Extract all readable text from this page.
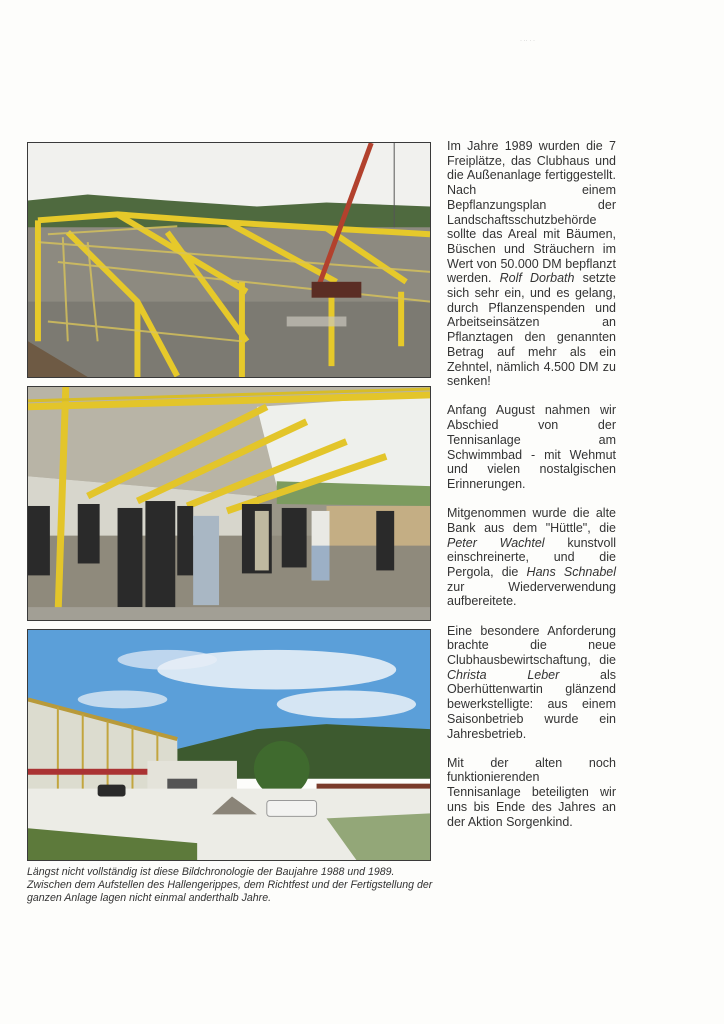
· ·· · ·

Längst nicht vollständig ist diese Bildchronologie der Baujahre 1988 und 1989. Zwischen dem Aufstellen des Hallengerippes, dem Richtfest und der Fertigstellung der ganzen Anlage lagen nicht einmal anderthalb Jahre.

Im Jahre 1989 wurden die 7 Freiplätze, das Clubhaus und die Außenanlage fertiggestellt. Nach einem Bepflanzungsplan der Landschaftsschutzbehörde sollte das Areal mit Bäumen, Büschen und Sträuchern im Wert von 50.000 DM bepflanzt werden. Rolf Dorbath setzte sich sehr ein, und es gelang, durch Pflanzenspenden und Arbeitseinsätzen an Pflanztagen den genannten Betrag auf mehr als ein Zehntel, nämlich 4.500 DM zu senken!

Anfang August nahmen wir Abschied von der Tennisanlage am Schwimmbad - mit Wehmut und vielen nostalgischen Erinnerungen.

Mitgenommen wurde die alte Bank aus dem "Hüttle", die Peter Wachtel kunstvoll einschreinerte, und die Pergola, die Hans Schnabel zur Wiederverwendung aufbereitete.

Eine besondere Anforderung brachte die neue Clubhausbewirtschaftung, die Christa Leber als Oberhüttenwartin glänzend bewerkstelligte: aus einem Saisonbetrieb wurde ein Jahresbetrieb.

Mit der alten noch funktionierenden Tennisanlage beteiligten wir uns bis Ende des Jahres an der Aktion Sorgenkind.
